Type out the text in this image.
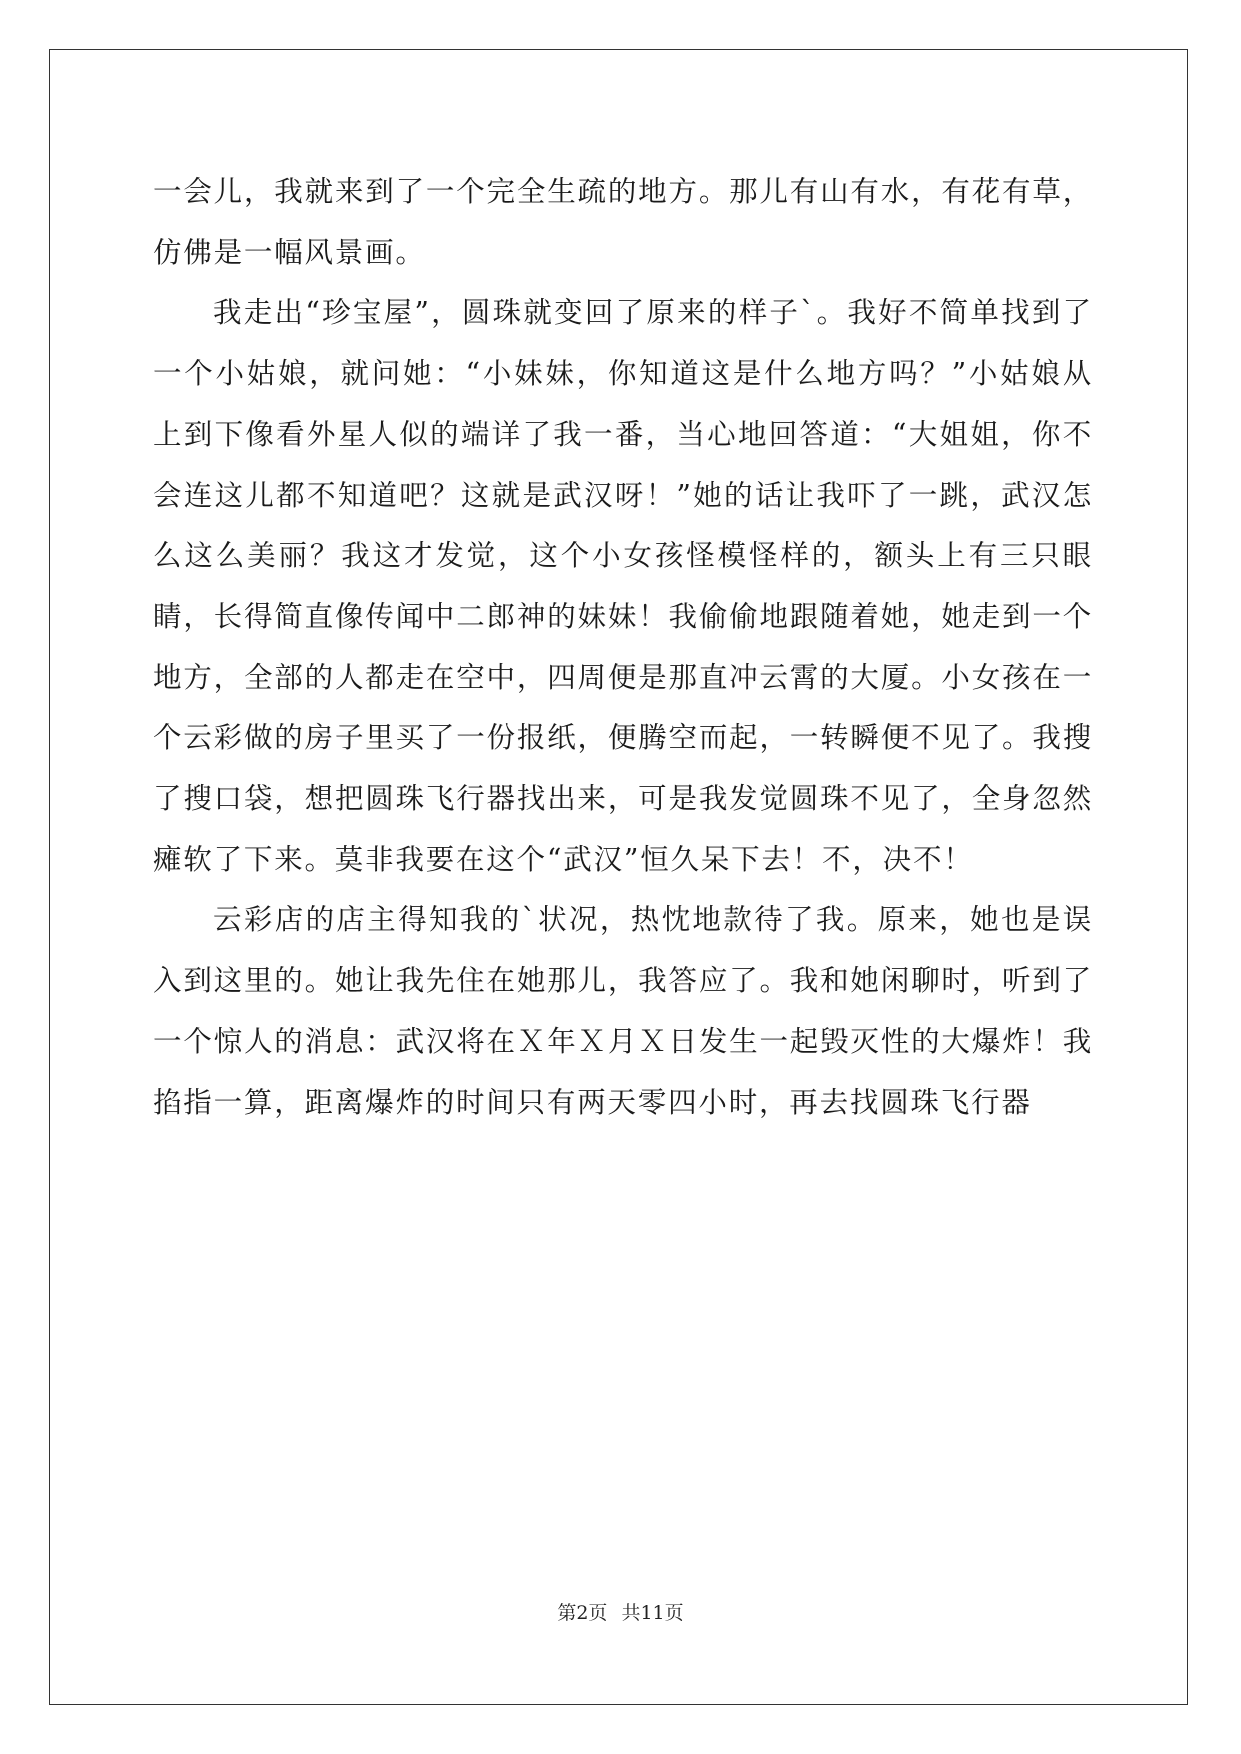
一会儿，我就来到了一个完全生疏的地方。那儿有山有水，有花有草，仿佛是一幅风景画。

我走出“珍宝屋”，圆珠就变回了原来的样子`。我好不简单找到了一个小姑娘，就问她：“小妹妹，你知道这是什么地方吗？”小姑娘从上到下像看外星人似的端详了我一番，当心地回答道：“大姐姐，你不会连这儿都不知道吧？这就是武汉呀！”她的话让我吓了一跳，武汉怎么这么美丽？我这才发觉，这个小女孩怪模怪样的，额头上有三只眼睛，长得简直像传闻中二郎神的妹妹！我偷偷地跟随着她，她走到一个地方，全部的人都走在空中，四周便是那直冲云霄的大厦。小女孩在一个云彩做的房子里买了一份报纸，便腾空而起，一转瞬便不见了。我搜了搜口袋，想把圆珠飞行器找出来，可是我发觉圆珠不见了，全身忽然瘫软了下来。莫非我要在这个“武汉”恒久呆下去！不，决不！

云彩店的店主得知我的`状况，热忱地款待了我。原来，她也是误入到这里的。她让我先住在她那儿，我答应了。我和她闲聊时，听到了一个惊人的消息：武汉将在Ｘ年Ｘ月Ｘ日发生一起毁灭性的大爆炸！我掐指一算，距离爆炸的时间只有两天零四小时，再去找圆珠飞行器

第2页 共11页
